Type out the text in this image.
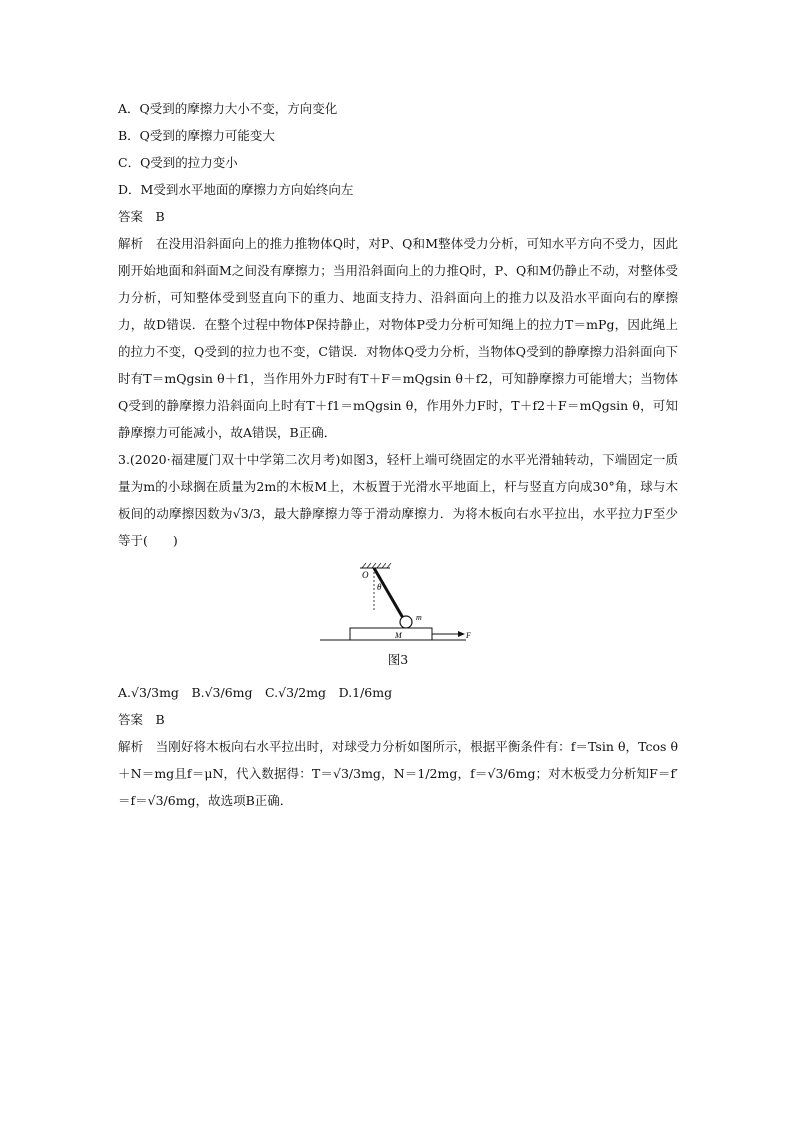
A．Q受到的摩擦力大小不变，方向变化
B．Q受到的摩擦力可能变大
C．Q受到的拉力变小
D．M受到水平地面的摩擦力方向始终向左
答案　B
解析　在没用沿斜面向上的推力推物体Q时，对P、Q和M整体受力分析，可知水平方向不受力，因此刚开始地面和斜面M之间没有摩擦力；当用沿斜面向上的力推Q时，P、Q和M仍静止不动，对整体受力分析，可知整体受到竖直向下的重力、地面支持力、沿斜面向上的推力以及沿水平面向右的摩擦力，故D错误．在整个过程中物体P保持静止，对物体P受力分析可知绳上的拉力T＝mPg，因此绳上的拉力不变，Q受到的拉力也不变，C错误．对物体Q受力分析，当物体Q受到的静摩擦力沿斜面向下时有T＝mQgsin θ＋f1，当作用外力F时有T＋F＝mQgsin θ＋f2，可知静摩擦力可能增大；当物体Q受到的静摩擦力沿斜面向上时有T＋f1＝mQgsin θ，作用外力F时，T＋f2＋F＝mQgsin θ，可知静摩擦力可能减小，故A错误，B正确．
3.(2020·福建厦门双十中学第二次月考)如图3，轻杆上端可绕固定的水平光滑轴转动，下端固定一质量为m的小球搁在质量为2m的木板M上，木板置于光滑水平地面上，杆与竖直方向成30°角，球与木板间的动摩擦因数为√3/3，最大静摩擦力等于滑动摩擦力．为将木板向右水平拉出，水平拉力F至少等于(　　)
O
θ
m
M	F
图3
A.√3/3mg　B.√3/6mg　C.√3/2mg　D.1/6mg
答案　B
解析　当刚好将木板向右水平拉出时，对球受力分析如图所示，根据平衡条件有：f＝Tsin θ，Tcos θ＋N＝mg且f＝μN，代入数据得：T＝√3/3mg，N＝1/2mg，f＝√3/6mg；对木板受力分析知F＝f′＝f＝√3/6mg，故选项B正确．
